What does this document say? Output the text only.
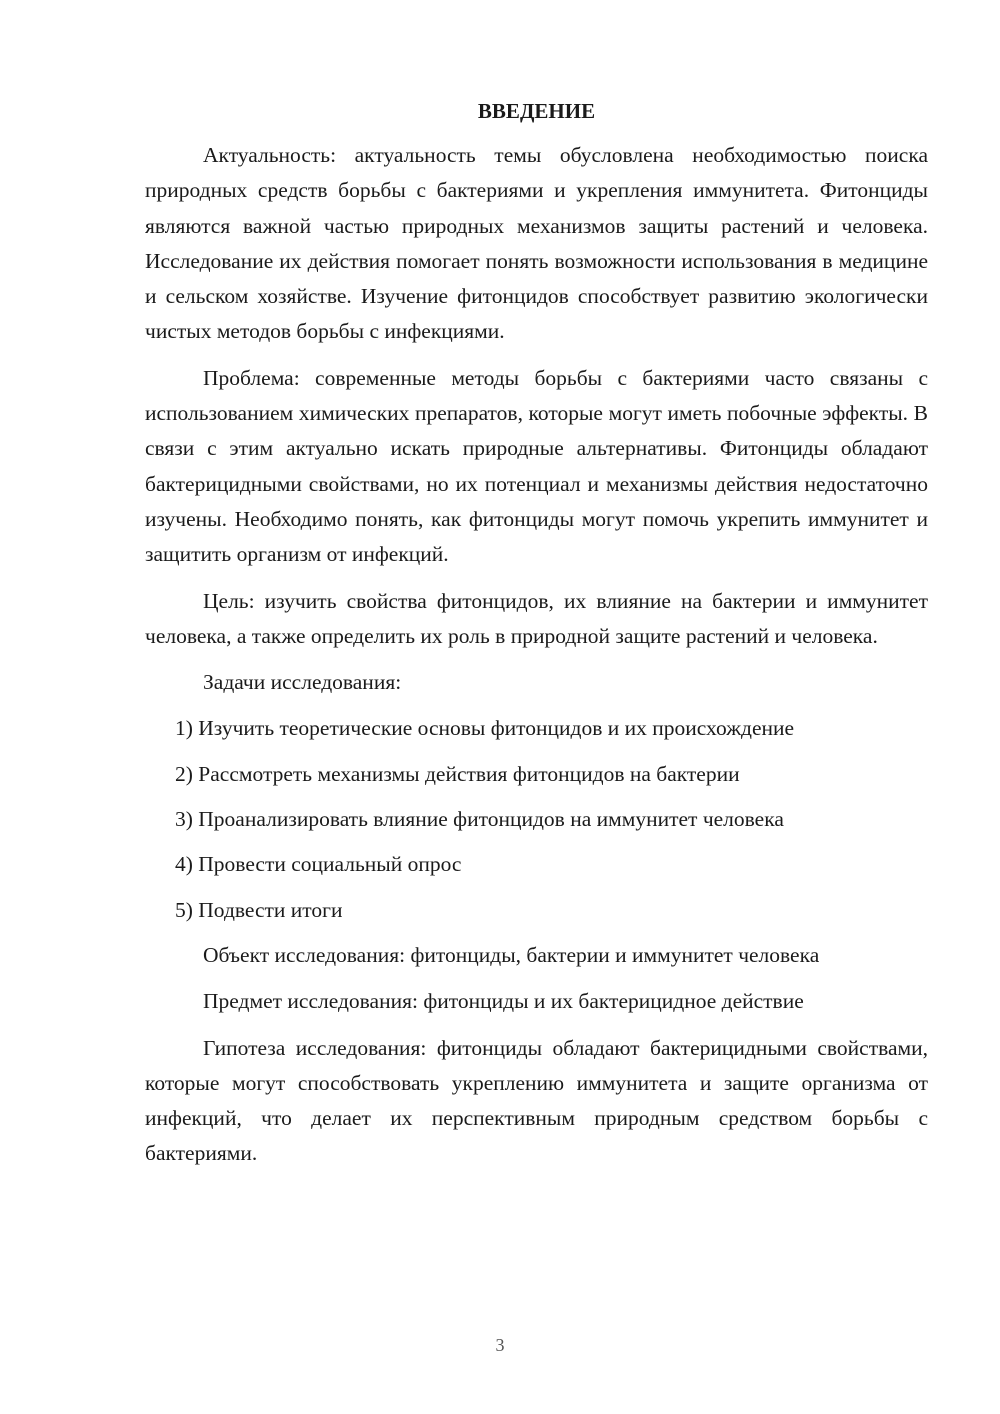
ВВЕДЕНИЕ

Актуальность: актуальность темы обусловлена необходимостью поиска природных средств борьбы с бактериями и укрепления иммунитета. Фитонциды являются важной частью природных механизмов защиты растений и человека. Исследование их действия помогает понять возможности использования в медицине и сельском хозяйстве. Изучение фитонцидов способствует развитию экологически чистых методов борьбы с инфекциями.

Проблема: современные методы борьбы с бактериями часто связаны с использованием химических препаратов, которые могут иметь побочные эффекты. В связи с этим актуально искать природные альтернативы. Фитонциды обладают бактерицидными свойствами, но их потенциал и механизмы действия недостаточно изучены. Необходимо понять, как фитонциды могут помочь укрепить иммунитет и защитить организм от инфекций.

Цель: изучить свойства фитонцидов, их влияние на бактерии и иммунитет человека, а также определить их роль в природной защите растений и человека.

Задачи исследования:

1) Изучить теоретические основы фитонцидов и их происхождение
2) Рассмотреть механизмы действия фитонцидов на бактерии
3) Проанализировать влияние фитонцидов на иммунитет человека
4) Провести социальный опрос
5) Подвести итоги

Объект исследования: фитонциды, бактерии и иммунитет человека

Предмет исследования: фитонциды и их бактерицидное действие

Гипотеза исследования: фитонциды обладают бактерицидными свойствами, которые могут способствовать укреплению иммунитета и защите организма от инфекций, что делает их перспективным природным средством борьбы с бактериями.

3
